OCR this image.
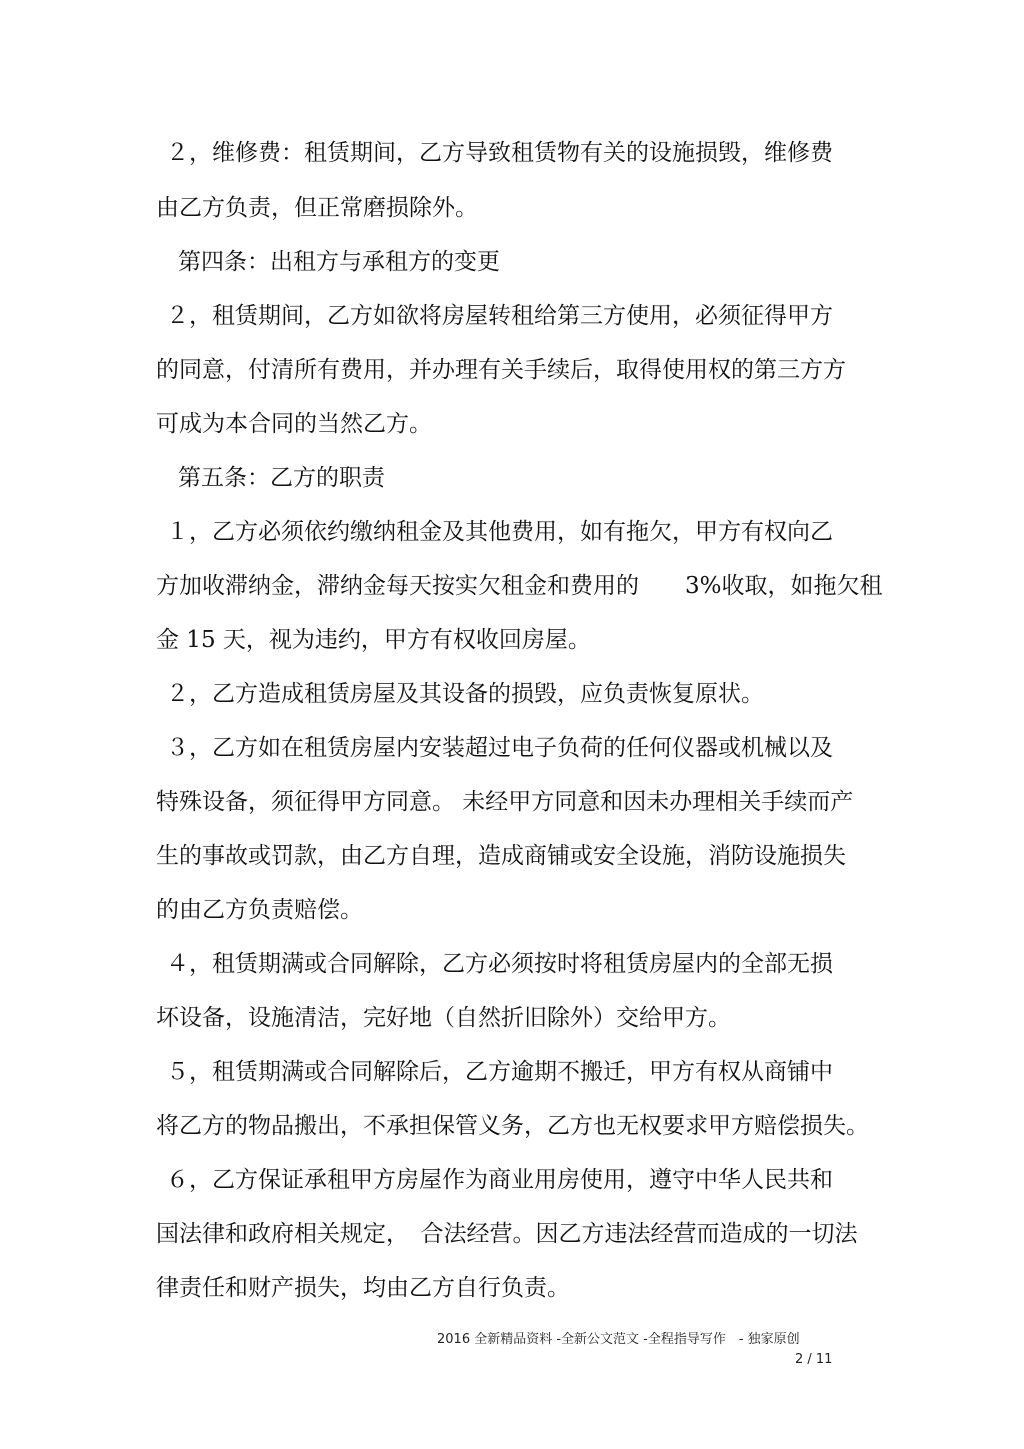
２，维修费：租赁期间，乙方导致租赁物有关的设施损毁，维修费
由乙方负责，但正常磨损除外。
第四条：出租方与承租方的变更
２，租赁期间，乙方如欲将房屋转租给第三方使用，必须征得甲方
的同意，付清所有费用，并办理有关手续后，取得使用权的第三方方
可成为本合同的当然乙方。
第五条：乙方的职责
１，乙方必须依约缴纳租金及其他费用，如有拖欠，甲方有权向乙
方加收滞纳金，滞纳金每天按实欠租金和费用的　　3%收取，如拖欠租
金 15 天，视为违约，甲方有权收回房屋。
２，乙方造成租赁房屋及其设备的损毁，应负责恢复原状。
３，乙方如在租赁房屋内安装超过电子负荷的任何仪器或机械以及
特殊设备，须征得甲方同意。 未经甲方同意和因未办理相关手续而产
生的事故或罚款，由乙方自理，造成商铺或安全设施，消防设施损失
的由乙方负责赔偿。
４，租赁期满或合同解除，乙方必须按时将租赁房屋内的全部无损
坏设备，设施清洁，完好地（自然折旧除外）交给甲方。
５，租赁期满或合同解除后，乙方逾期不搬迁，甲方有权从商铺中
将乙方的物品搬出，不承担保管义务，乙方也无权要求甲方赔偿损失。
６，乙方保证承租甲方房屋作为商业用房使用，遵守中华人民共和
国法律和政府相关规定，　合法经营。因乙方违法经营而造成的一切法
律责任和财产损失，均由乙方自行负责。
2016 全新精品资料 -全新公文范文 -全程指导写作　- 独家原创
2 / 11
